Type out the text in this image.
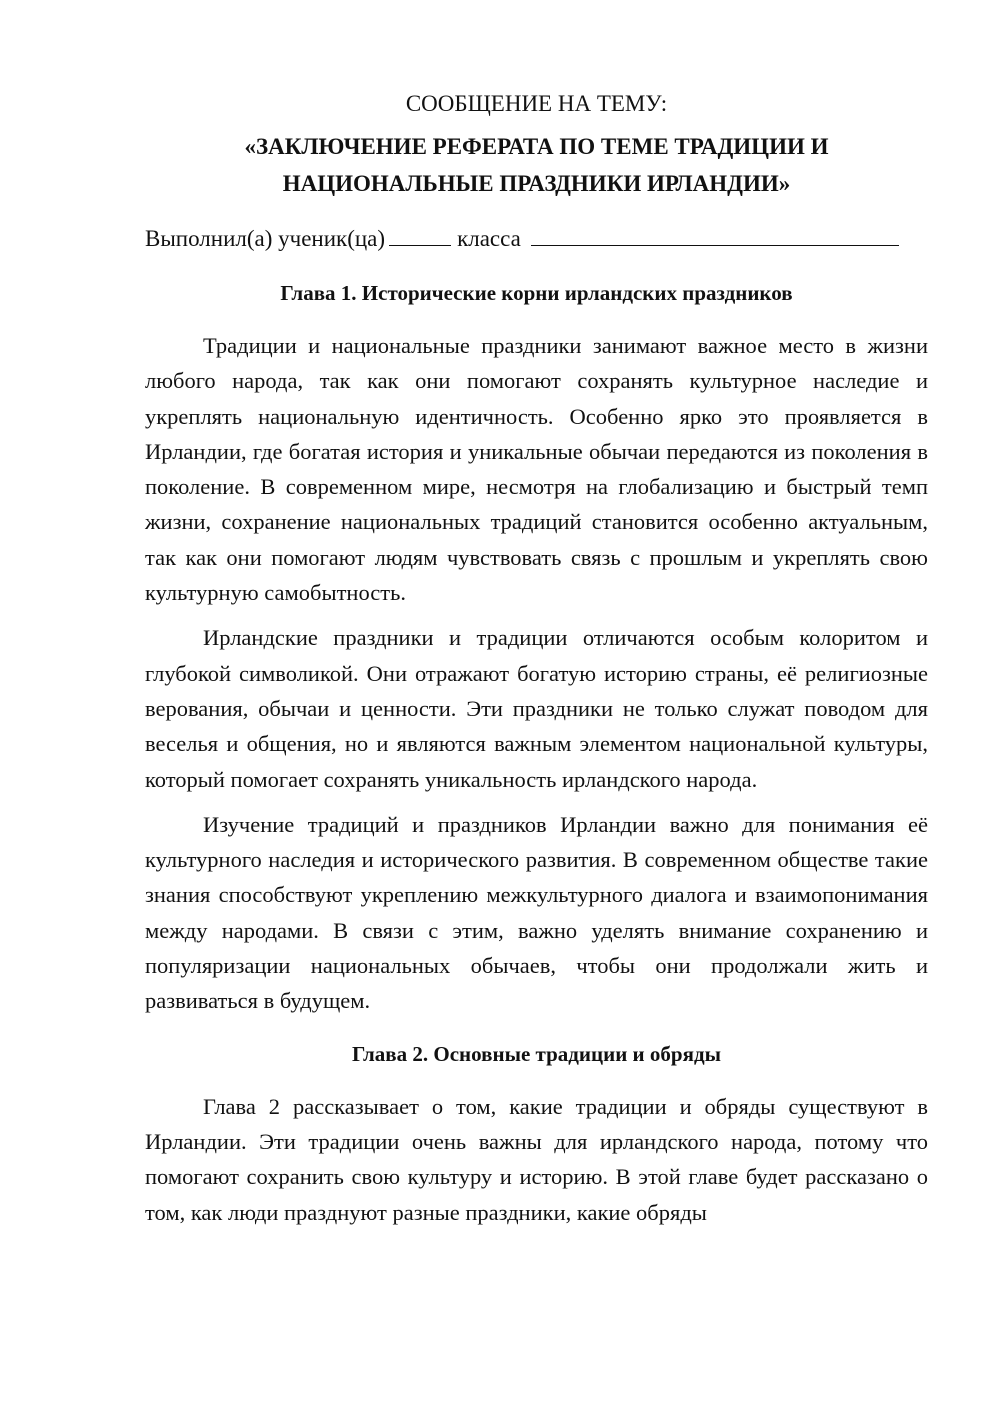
СООБЩЕНИЕ НА ТЕМУ:

«ЗАКЛЮЧЕНИЕ РЕФЕРАТА ПО ТЕМЕ ТРАДИЦИИ И
НАЦИОНАЛЬНЫЕ ПРАЗДНИКИ ИРЛАНДИИ»

Выполнил(а) ученик(ца)	класса

Глава 1. Исторические корни ирландских праздников

Традиции и национальные праздники занимают важное место в жизни любого народа, так как они помогают сохранять культурное наследие и укреплять национальную идентичность. Особенно ярко это проявляется в Ирландии, где богатая история и уникальные обычаи передаются из поколения в поколение. В современном мире, несмотря на глобализацию и быстрый темп жизни, сохранение национальных традиций становится особенно актуальным, так как они помогают людям чувствовать связь с прошлым и укреплять свою культурную самобытность.

Ирландские праздники и традиции отличаются особым колоритом и глубокой символикой. Они отражают богатую историю страны, её религиозные верования, обычаи и ценности. Эти праздники не только служат поводом для веселья и общения, но и являются важным элементом национальной культуры, который помогает сохранять уникальность ирландского народа.

Изучение традиций и праздников Ирландии важно для понимания её культурного наследия и исторического развития. В современном обществе такие знания способствуют укреплению межкультурного диалога и взаимопонимания между народами. В связи с этим, важно уделять внимание сохранению и популяризации национальных обычаев, чтобы они продолжали жить и развиваться в будущем.

Глава 2. Основные традиции и обряды

Глава 2 рассказывает о том, какие традиции и обряды существуют в Ирландии. Эти традиции очень важны для ирландского народа, потому что помогают сохранить свою культуру и историю. В этой главе будет рассказано о том, как люди празднуют разные праздники, какие обряды
